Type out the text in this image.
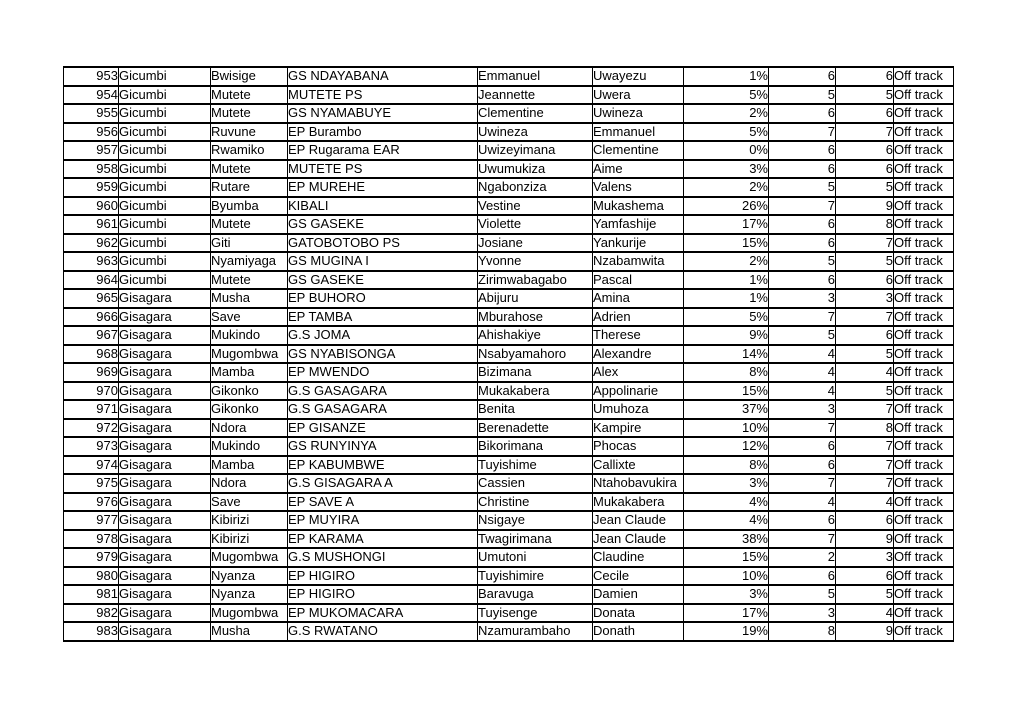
953	Gicumbi	Bwisige	GS NDAYABANA	Emmanuel	Uwayezu	1%	6	6	Off track
954	Gicumbi	Mutete	MUTETE PS	Jeannette	Uwera	5%	5	5	Off track
955	Gicumbi	Mutete	GS NYAMABUYE	Clementine	Uwineza	2%	6	6	Off track
956	Gicumbi	Ruvune	EP Burambo	Uwineza	Emmanuel	5%	7	7	Off track
957	Gicumbi	Rwamiko	EP Rugarama EAR	Uwizeyimana	Clementine	0%	6	6	Off track
958	Gicumbi	Mutete	MUTETE PS	Uwumukiza	Aime	3%	6	6	Off track
959	Gicumbi	Rutare	EP MUREHE	Ngabonziza	Valens	2%	5	5	Off track
960	Gicumbi	Byumba	KIBALI	Vestine	Mukashema	26%	7	9	Off track
961	Gicumbi	Mutete	GS GASEKE	Violette	Yamfashije	17%	6	8	Off track
962	Gicumbi	Giti	GATOBOTOBO PS	Josiane	Yankurije	15%	6	7	Off track
963	Gicumbi	Nyamiyaga	GS MUGINA I	Yvonne	Nzabamwita	2%	5	5	Off track
964	Gicumbi	Mutete	GS GASEKE	Zirimwabagabo	Pascal	1%	6	6	Off track
965	Gisagara	Musha	EP BUHORO	Abijuru	Amina	1%	3	3	Off track
966	Gisagara	Save	EP TAMBA	Mburahose	Adrien	5%	7	7	Off track
967	Gisagara	Mukindo	G.S JOMA	Ahishakiye	Therese	9%	5	6	Off track
968	Gisagara	Mugombwa	GS NYABISONGA	Nsabyamahoro	Alexandre	14%	4	5	Off track
969	Gisagara	Mamba	EP MWENDO	Bizimana	Alex	8%	4	4	Off track
970	Gisagara	Gikonko	G.S GASAGARA	Mukakabera	Appolinarie	15%	4	5	Off track
971	Gisagara	Gikonko	G.S GASAGARA	Benita	Umuhoza	37%	3	7	Off track
972	Gisagara	Ndora	EP GISANZE	Berenadette	Kampire	10%	7	8	Off track
973	Gisagara	Mukindo	GS RUNYINYA	Bikorimana	Phocas	12%	6	7	Off track
974	Gisagara	Mamba	EP KABUMBWE	Tuyishime	Callixte	8%	6	7	Off track
975	Gisagara	Ndora	G.S GISAGARA A	Cassien	Ntahobavukira	3%	7	7	Off track
976	Gisagara	Save	EP SAVE A	Christine	Mukakabera	4%	4	4	Off track
977	Gisagara	Kibirizi	EP MUYIRA	Nsigaye	Jean Claude	4%	6	6	Off track
978	Gisagara	Kibirizi	EP KARAMA	Twagirimana	Jean Claude	38%	7	9	Off track
979	Gisagara	Mugombwa	G.S MUSHONGI	Umutoni	Claudine	15%	2	3	Off track
980	Gisagara	Nyanza	EP HIGIRO	Tuyishimire	Cecile	10%	6	6	Off track
981	Gisagara	Nyanza	EP HIGIRO	Baravuga	Damien	3%	5	5	Off track
982	Gisagara	Mugombwa	EP MUKOMACARA	Tuyisenge	Donata	17%	3	4	Off track
983	Gisagara	Musha	G.S RWATANO	Nzamurambaho	Donath	19%	8	9	Off track
